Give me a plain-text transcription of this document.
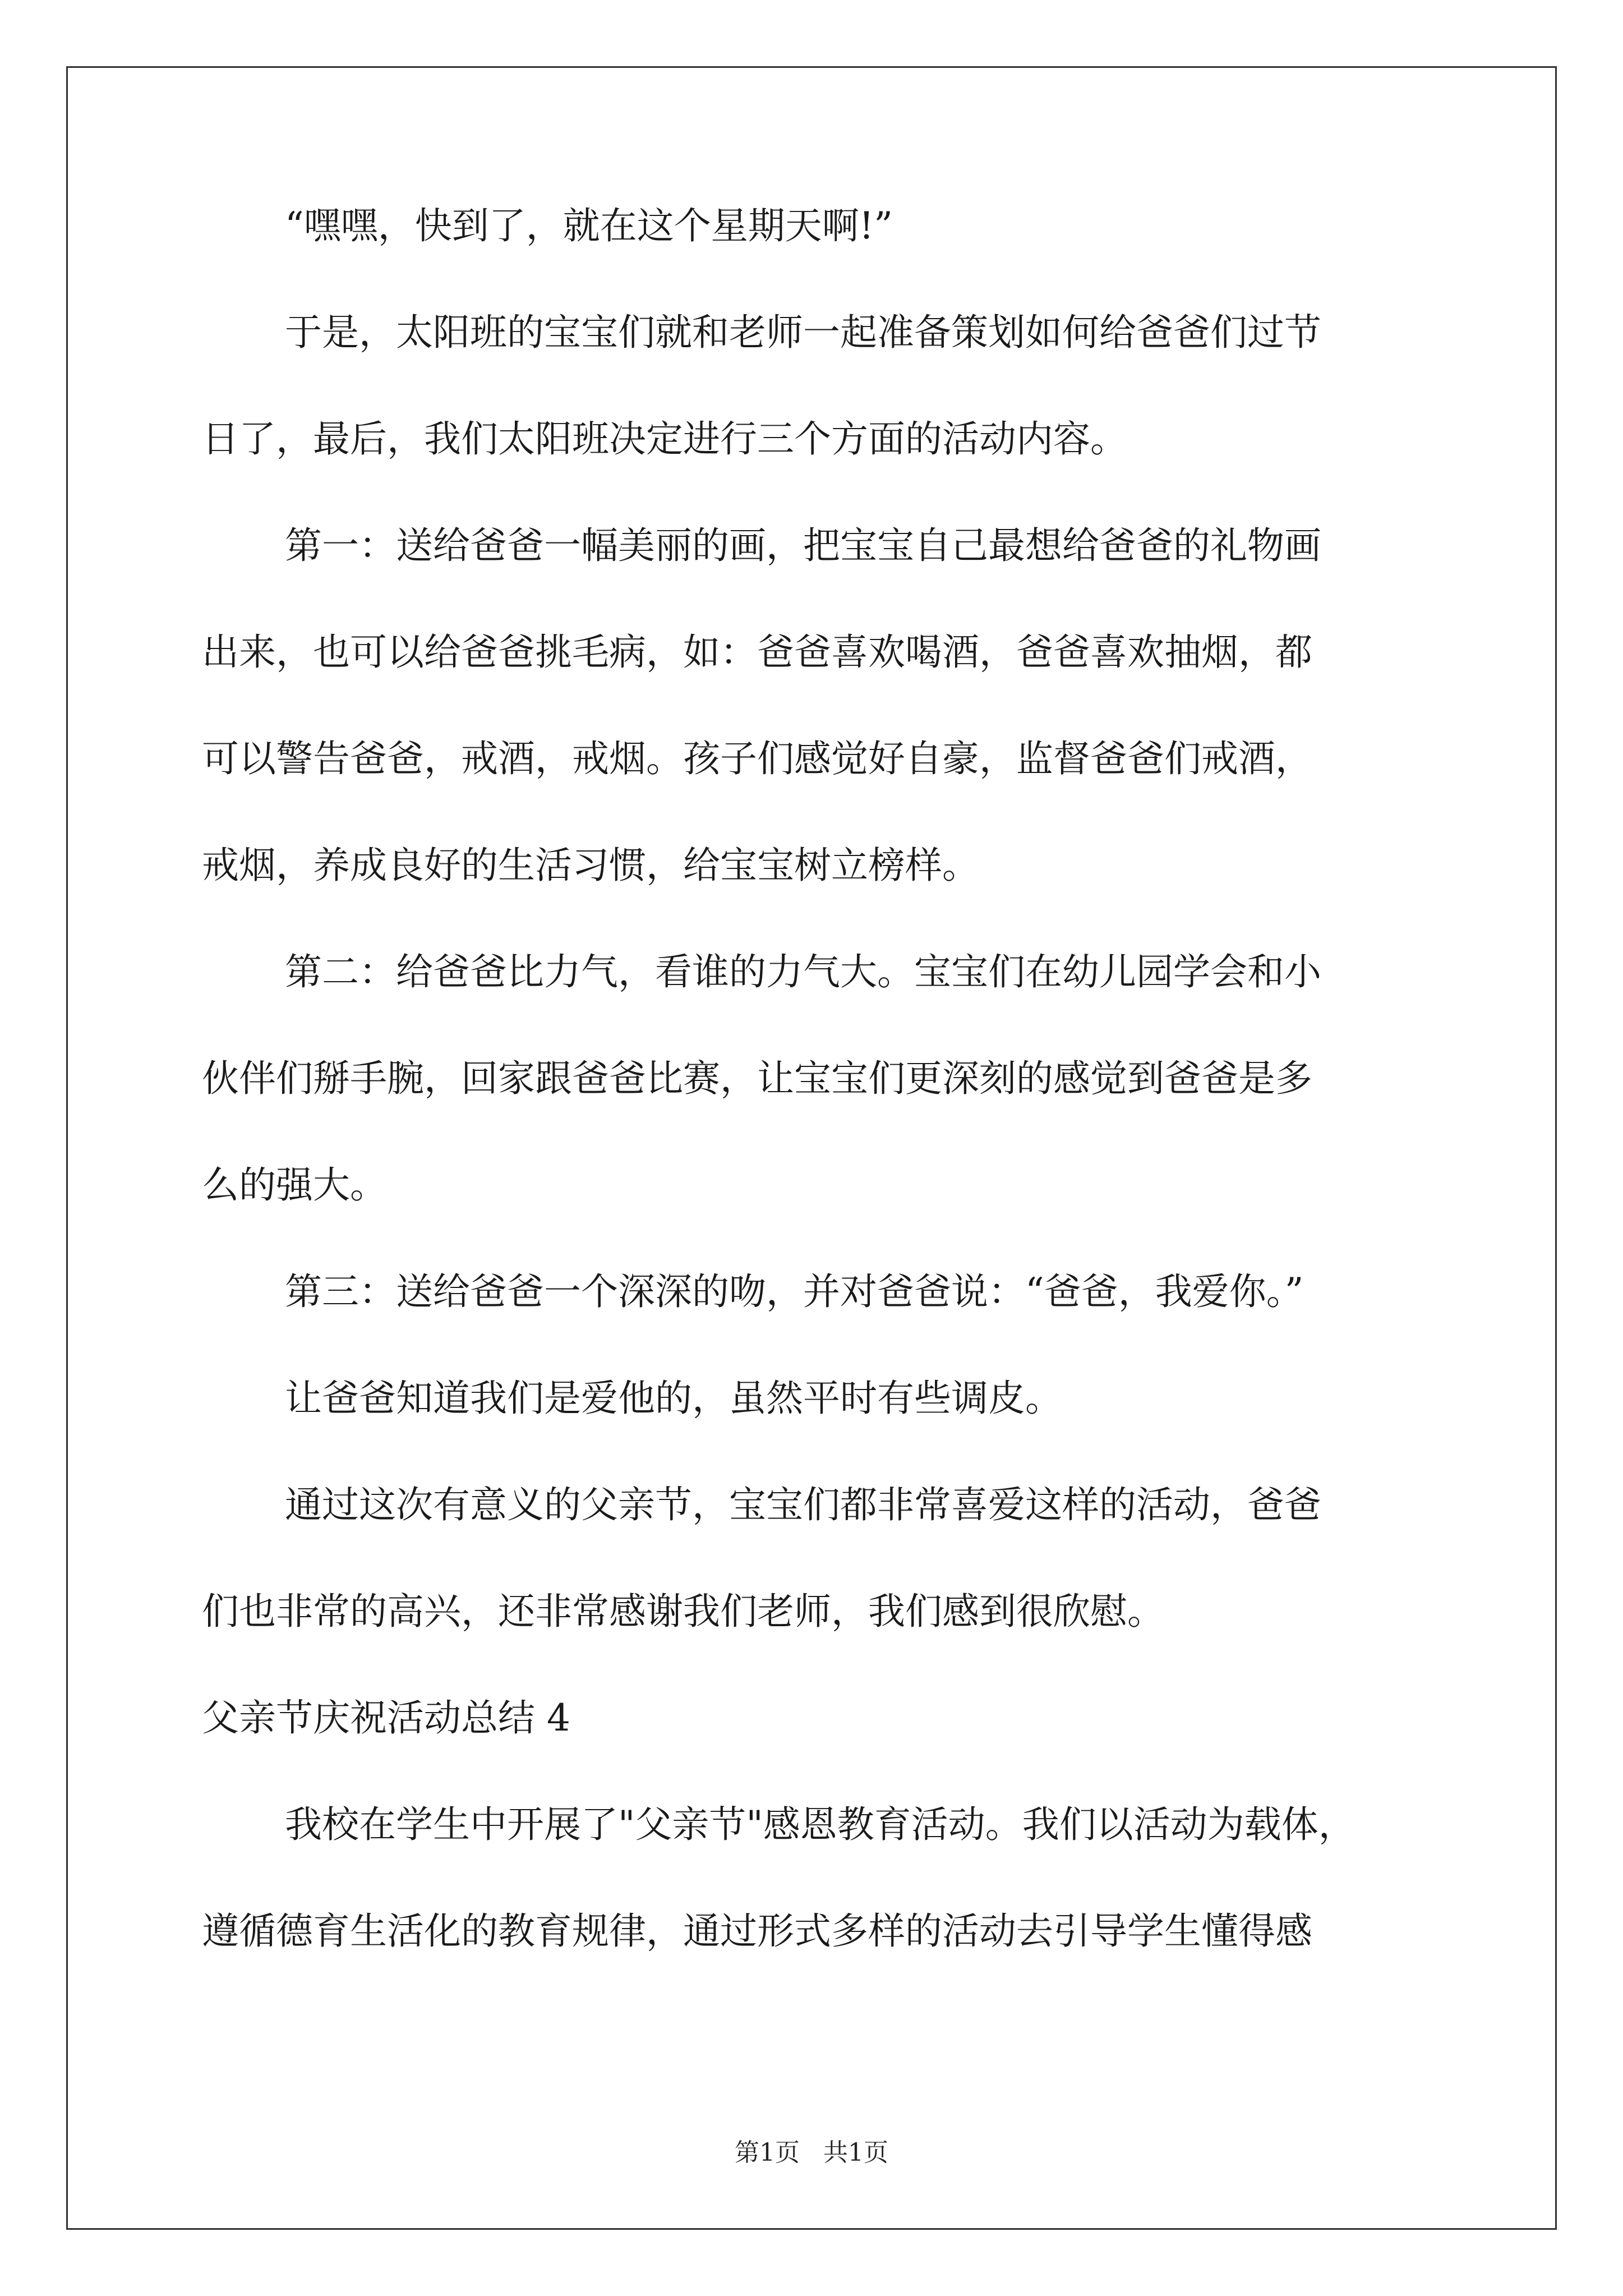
“嘿嘿，快到了，就在这个星期天啊!”

于是，太阳班的宝宝们就和老师一起准备策划如何给爸爸们过节

日了，最后，我们太阳班决定进行三个方面的活动内容。

第一：送给爸爸一幅美丽的画，把宝宝自己最想给爸爸的礼物画

出来，也可以给爸爸挑毛病，如：爸爸喜欢喝酒，爸爸喜欢抽烟，都

可以警告爸爸，戒酒，戒烟。孩子们感觉好自豪，监督爸爸们戒酒，

戒烟，养成良好的生活习惯，给宝宝树立榜样。

第二：给爸爸比力气，看谁的力气大。宝宝们在幼儿园学会和小

伙伴们掰手腕，回家跟爸爸比赛，让宝宝们更深刻的感觉到爸爸是多

么的强大。

第三：送给爸爸一个深深的吻，并对爸爸说：“爸爸，我爱你。”

让爸爸知道我们是爱他的，虽然平时有些调皮。

通过这次有意义的父亲节，宝宝们都非常喜爱这样的活动，爸爸

们也非常的高兴，还非常感谢我们老师，我们感到很欣慰。

父亲节庆祝活动总结 4

我校在学生中开展了"父亲节"感恩教育活动。我们以活动为载体，

遵循德育生活化的教育规律，通过形式多样的活动去引导学生懂得感

第1页 共1页
